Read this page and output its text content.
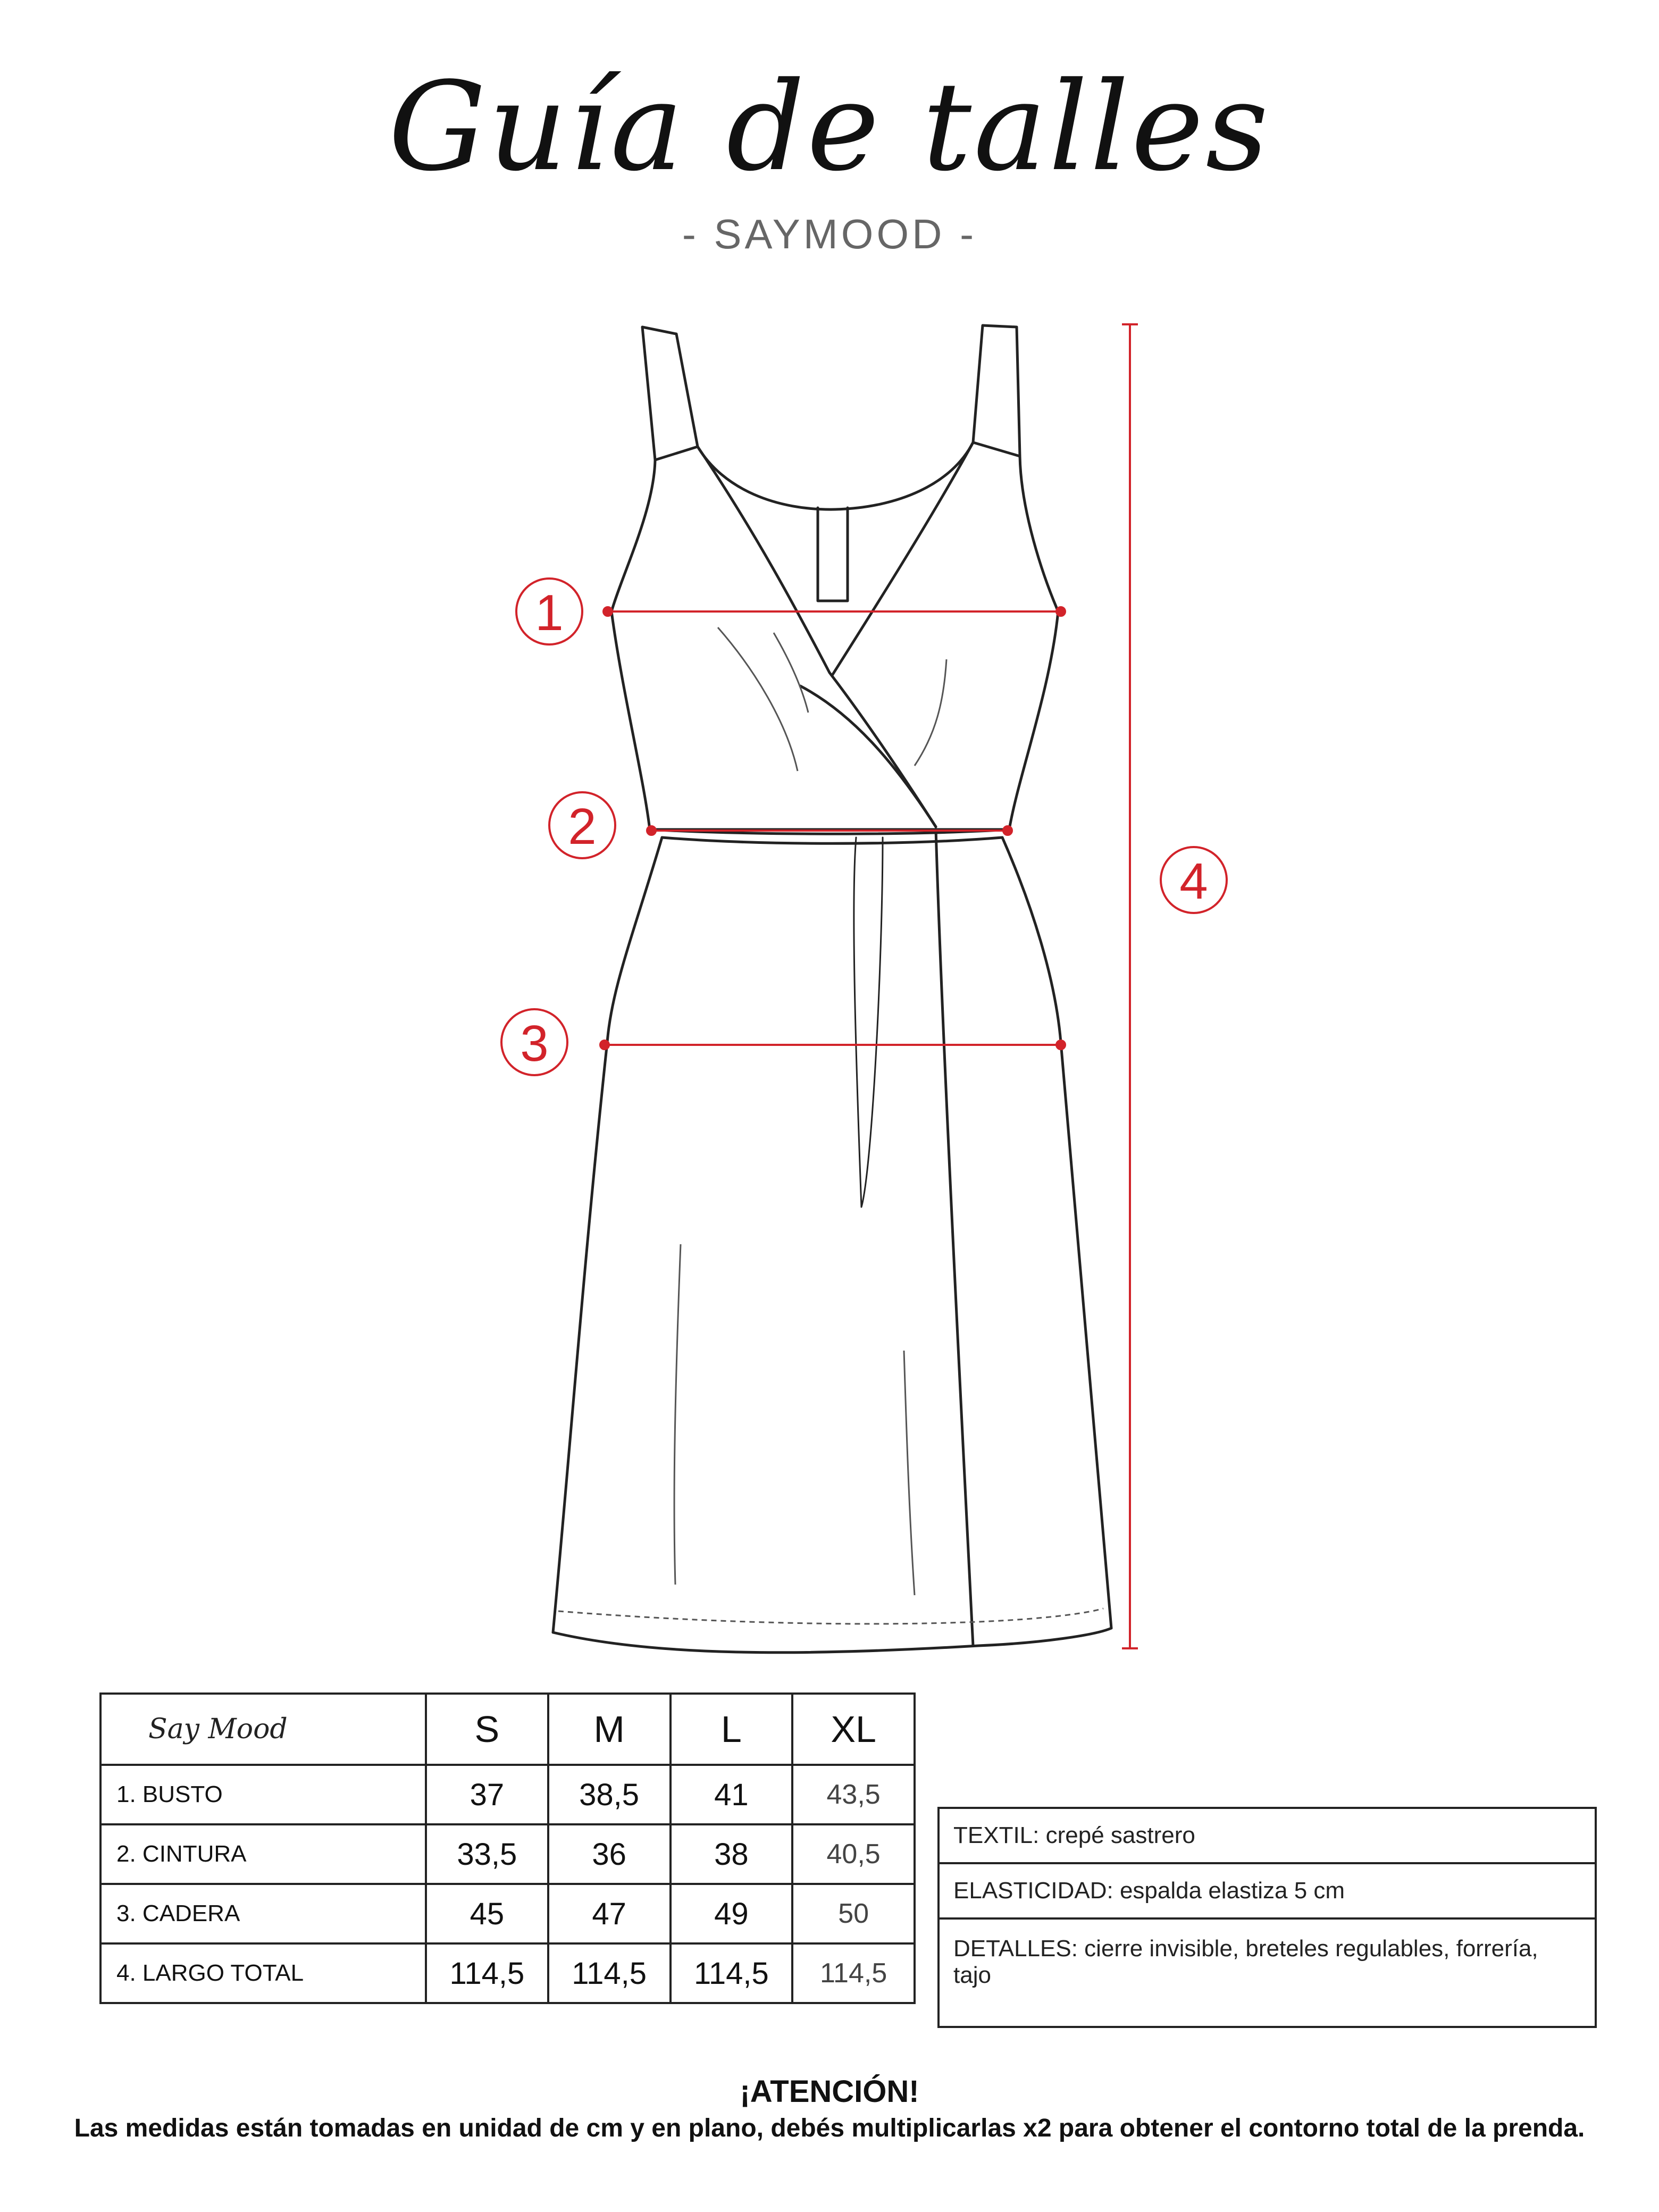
Guía de talles
- SAYMOOD -
1
2
3
4
Say Mood	S	M	L	XL
1. BUSTO	37	38,5	41	43,5
2. CINTURA	33,5	36	38	40,5
3. CADERA	45	47	49	50
4. LARGO TOTAL	114,5	114,5	114,5	114,5
TEXTIL: crepé sastrero
ELASTICIDAD: espalda elastiza 5 cm
DETALLES: cierre invisible, breteles regulables, forrería, tajo
¡ATENCIÓN!
Las medidas están tomadas en unidad de cm y en plano, debés multiplicarlas x2 para obtener el contorno total de la prenda.
